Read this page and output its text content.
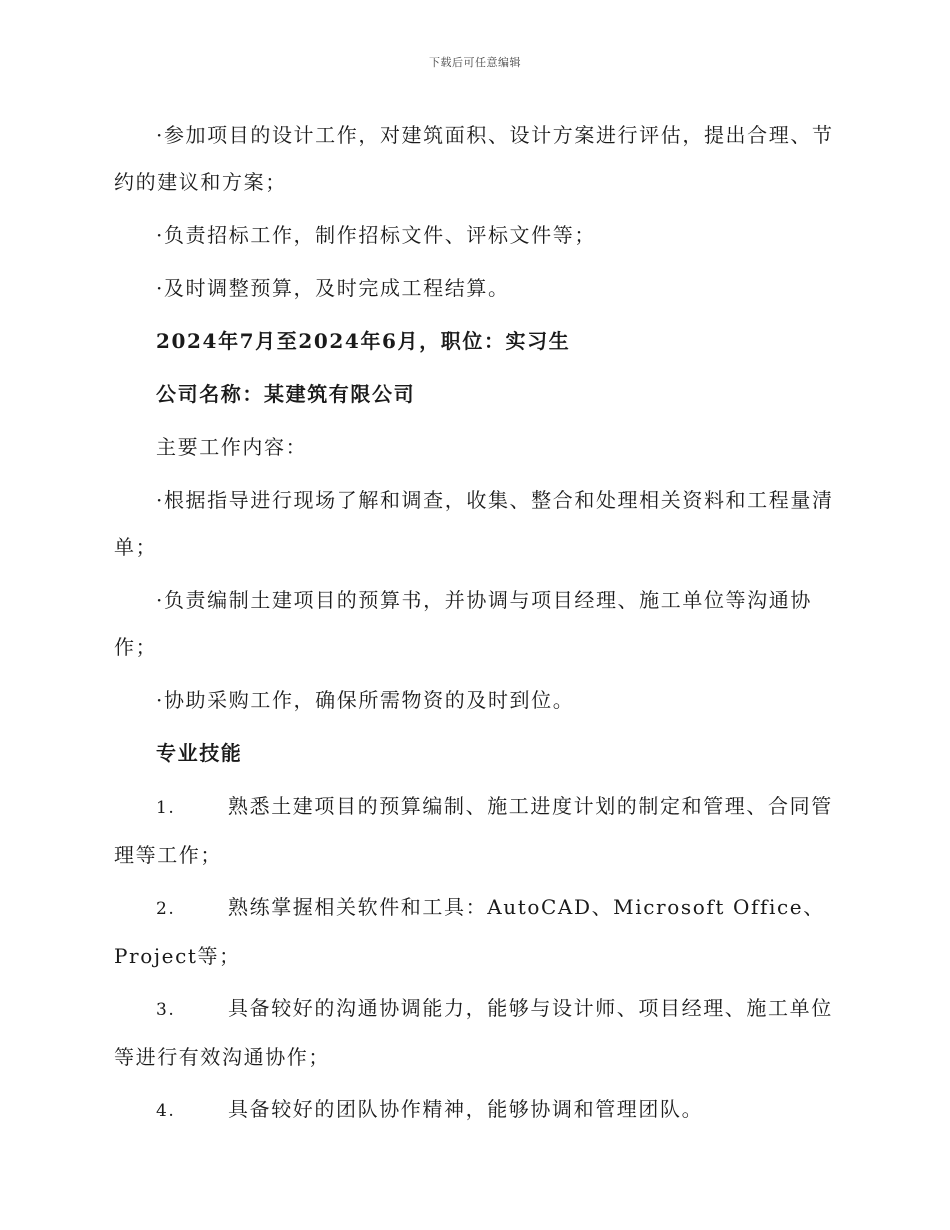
下载后可任意编辑

·参加项目的设计工作，对建筑面积、设计方案进行评估，提出合理、节约的建议和方案；

·负责招标工作，制作招标文件、评标文件等；

·及时调整预算，及时完成工程结算。

2024年7月至2024年6月，职位：实习生

公司名称：某建筑有限公司

主要工作内容：

·根据指导进行现场了解和调查，收集、整合和处理相关资料和工程量清单；

·负责编制土建项目的预算书，并协调与项目经理、施工单位等沟通协作；

·协助采购工作，确保所需物资的及时到位。

专业技能

1.	熟悉土建项目的预算编制、施工进度计划的制定和管理、合同管理等工作；

2.	熟练掌握相关软件和工具：AutoCAD、Microsoft Office、Project等；

3.	具备较好的沟通协调能力，能够与设计师、项目经理、施工单位等进行有效沟通协作；

4.	具备较好的团队协作精神，能够协调和管理团队。
